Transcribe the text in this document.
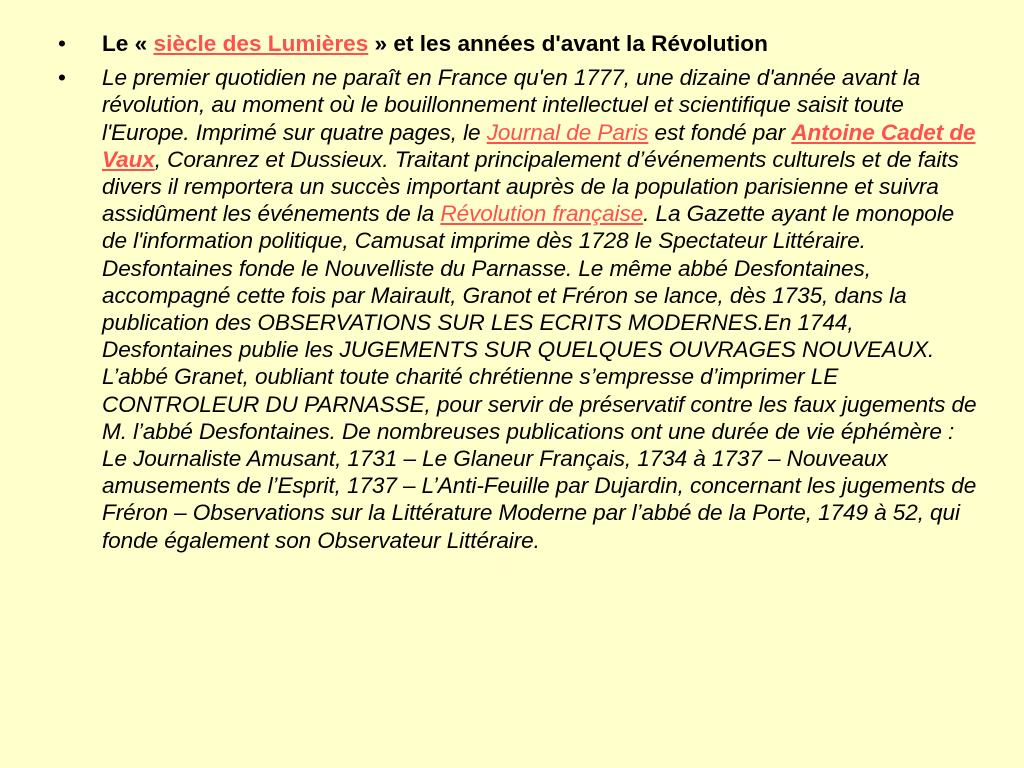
• Le « siècle des Lumières » et les années d'avant la Révolution
• Le premier quotidien ne paraît en France qu'en 1777, une dizaine d'année avant la révolution, au moment où le bouillonnement intellectuel et scientifique saisit toute l'Europe. Imprimé sur quatre pages, le Journal de Paris est fondé par Antoine Cadet de Vaux, Coranrez et Dussieux. Traitant principalement d’événements culturels et de faits divers il remportera un succès important auprès de la population parisienne et suivra assidûment les événements de la Révolution française. La Gazette ayant le monopole de l'information politique, Camusat imprime dès 1728 le Spectateur Littéraire. Desfontaines fonde le Nouvelliste du Parnasse. Le même abbé Desfontaines, accompagné cette fois par Mairault, Granot et Fréron se lance, dès 1735, dans la publication des OBSERVATIONS SUR LES ECRITS MODERNES.En 1744, Desfontaines publie les JUGEMENTS SUR QUELQUES OUVRAGES NOUVEAUX. L’abbé Granet, oubliant toute charité chrétienne s’empresse d’imprimer LE CONTROLEUR DU PARNASSE, pour servir de préservatif contre les faux jugements de M. l’abbé Desfontaines. De nombreuses publications ont une durée de vie éphémère : Le Journaliste Amusant, 1731 – Le Glaneur Français, 1734 à 1737 – Nouveaux amusements de l’Esprit, 1737 – L’Anti-Feuille par Dujardin, concernant les jugements de Fréron – Observations sur la Littérature Moderne par l’abbé de la Porte, 1749 à 52, qui fonde également son Observateur Littéraire.
